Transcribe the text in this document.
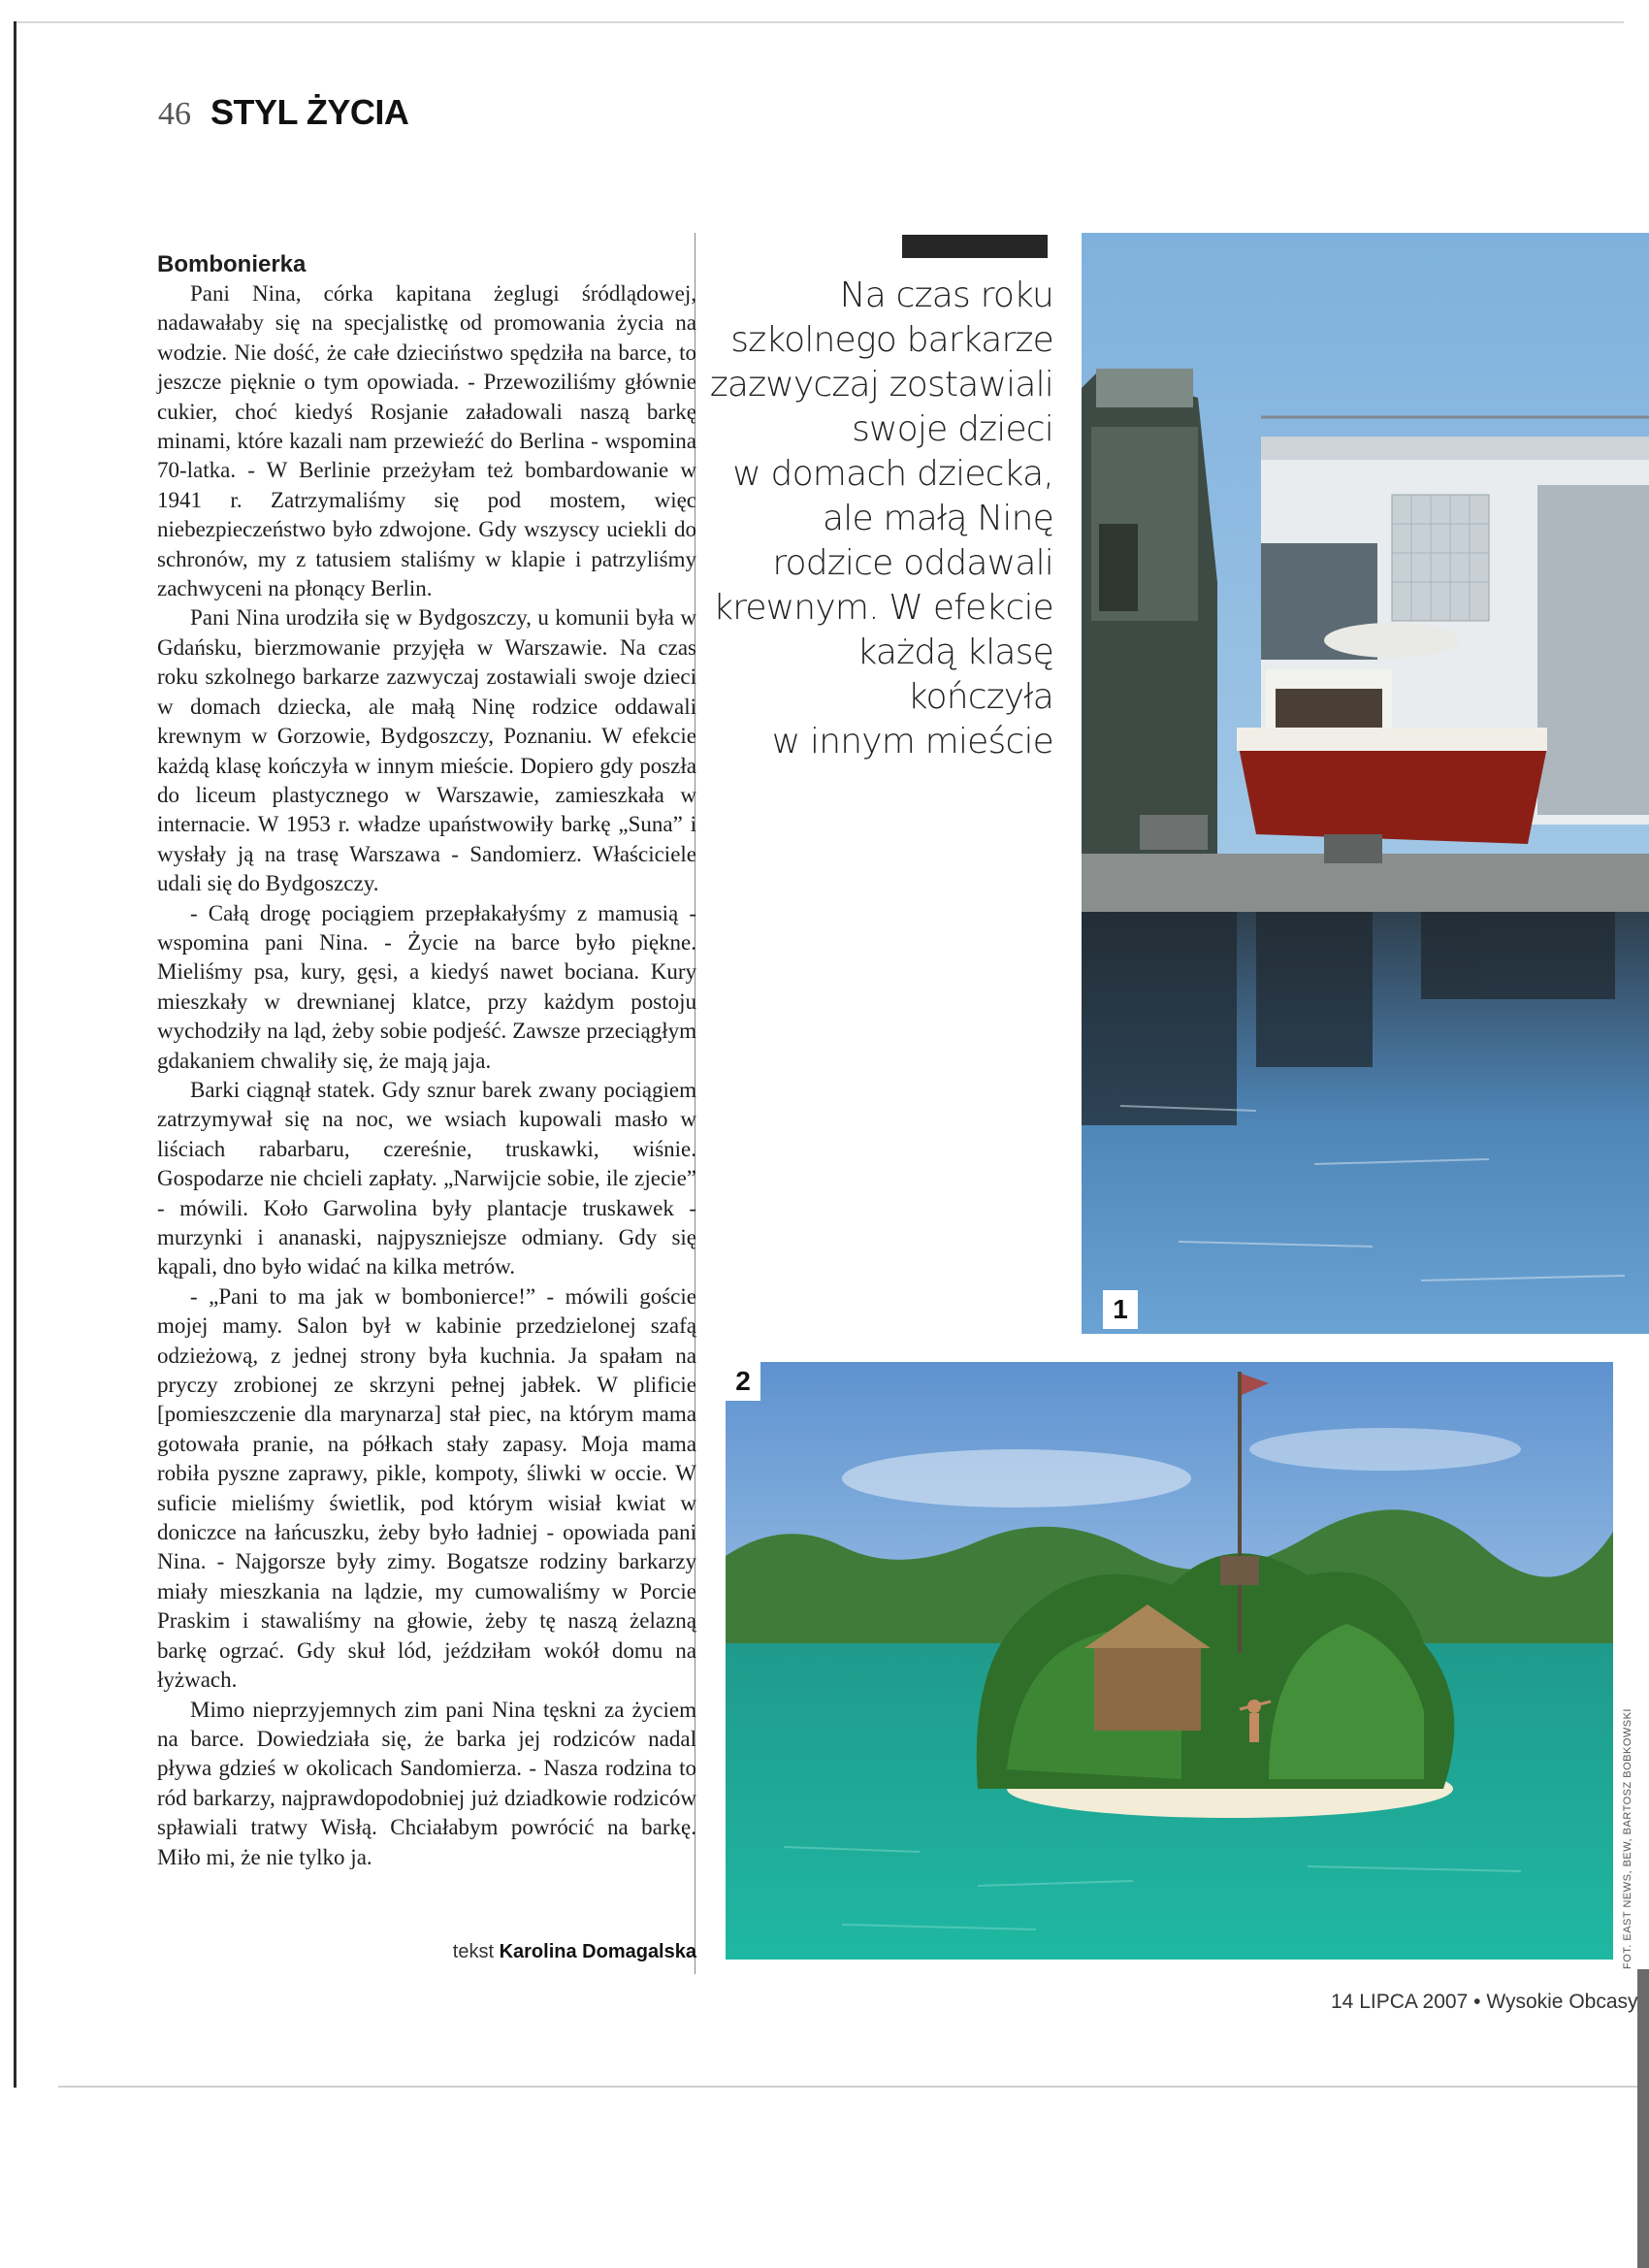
46 STYL ŻYCIA
Bombonierka

Pani Nina, córka kapitana żeglugi śródlądowej, nadawałaby się na specjalistkę od promowania życia na wodzie. Nie dość, że całe dzieciństwo spędziła na barce, to jeszcze pięknie o tym opowiada. - Przewoziliśmy głównie cukier, choć kiedyś Rosjanie załadowali naszą barkę minami, które kazali nam przewieźć do Berlina - wspomina 70-latka. - W Berlinie przeżyłam też bombardowanie w 1941 r. Zatrzymaliśmy się pod mostem, więc niebezpieczeństwo było zdwojone. Gdy wszyscy uciekli do schronów, my z tatusiem staliśmy w klapie i patrzyliśmy zachwyceni na płonący Berlin.

Pani Nina urodziła się w Bydgoszczy, u komunii była w Gdańsku, bierzmowanie przyjęła w Warszawie. Na czas roku szkolnego barkarze zazwyczaj zostawiali swoje dzieci w domach dziecka, ale małą Ninę rodzice oddawali krewnym w Gorzowie, Bydgoszczy, Poznaniu. W efekcie każdą klasę kończyła w innym mieście. Dopiero gdy poszła do liceum plastycznego w Warszawie, zamieszkała w internacie. W 1953 r. władze upaństwowiły barkę „Suna” i wysłały ją na trasę Warszawa - Sandomierz. Właściciele udali się do Bydgoszczy.

- Całą drogę pociągiem przepłakałyśmy z mamusią - wspomina pani Nina. - Życie na barce było piękne. Mieliśmy psa, kury, gęsi, a kiedyś nawet bociana. Kury mieszkały w drewnianej klatce, przy każdym postoju wychodziły na ląd, żeby sobie podjeść. Zawsze przeciągłym gdakaniem chwaliły się, że mają jaja.

Barki ciągnął statek. Gdy sznur barek zwany pociągiem zatrzymywał się na noc, we wsiach kupowali masło w liściach rabarbaru, czereśnie, truskawki, wiśnie. Gospodarze nie chcieli zapłaty. „Narwijcie sobie, ile zjecie” - mówili. Koło Garwolina były plantacje truskawek - murzynki i ananaski, najpyszniejsze odmiany. Gdy się kąpali, dno było widać na kilka metrów.

- „Pani to ma jak w bombonierce!” - mówili goście mojej mamy. Salon był w kabinie przedzielonej szafą odzieżową, z jednej strony była kuchnia. Ja spałam na pryczy zrobionej ze skrzyni pełnej jabłek. W plificie [pomieszczenie dla marynarza] stał piec, na którym mama gotowała pranie, na półkach stały zapasy. Moja mama robiła pyszne zaprawy, pikle, kompoty, śliwki w occie. W suficie mieliśmy świetlik, pod którym wisiał kwiat w doniczce na łańcuszku, żeby było ładniej - opowiada pani Nina. - Najgorsze były zimy. Bogatsze rodziny barkarzy miały mieszkania na lądzie, my cumowaliśmy w Porcie Praskim i stawaliśmy na głowie, żeby tę naszą żelazną barkę ogrzać. Gdy skuł lód, jeździłam wokół domu na łyżwach.

Mimo nieprzyjemnych zim pani Nina tęskni za życiem na barce. Dowiedziała się, że barka jej rodziców nadal pływa gdzieś w okolicach Sandomierza. - Nasza rodzina to ród barkarzy, najprawdopodobniej już dziadkowie rodziców spławiali tratwy Wisłą. Chciałabym powrócić na barkę. Miło mi, że nie tylko ja.

tekst Karolina Domagalska
Na czas roku
szkolnego barkarze
zazwyczaj zostawiali
swoje dzieci
w domach dziecka,
ale małą Ninę
rodzice oddawali
krewnym. W efekcie
każdą klasę kończyła
w innym mieście
1
2
FOT. EAST NEWS, BEW, BARTOSZ BOBKOWSKI
14 LIPCA 2007 • Wysokie Obcasy
